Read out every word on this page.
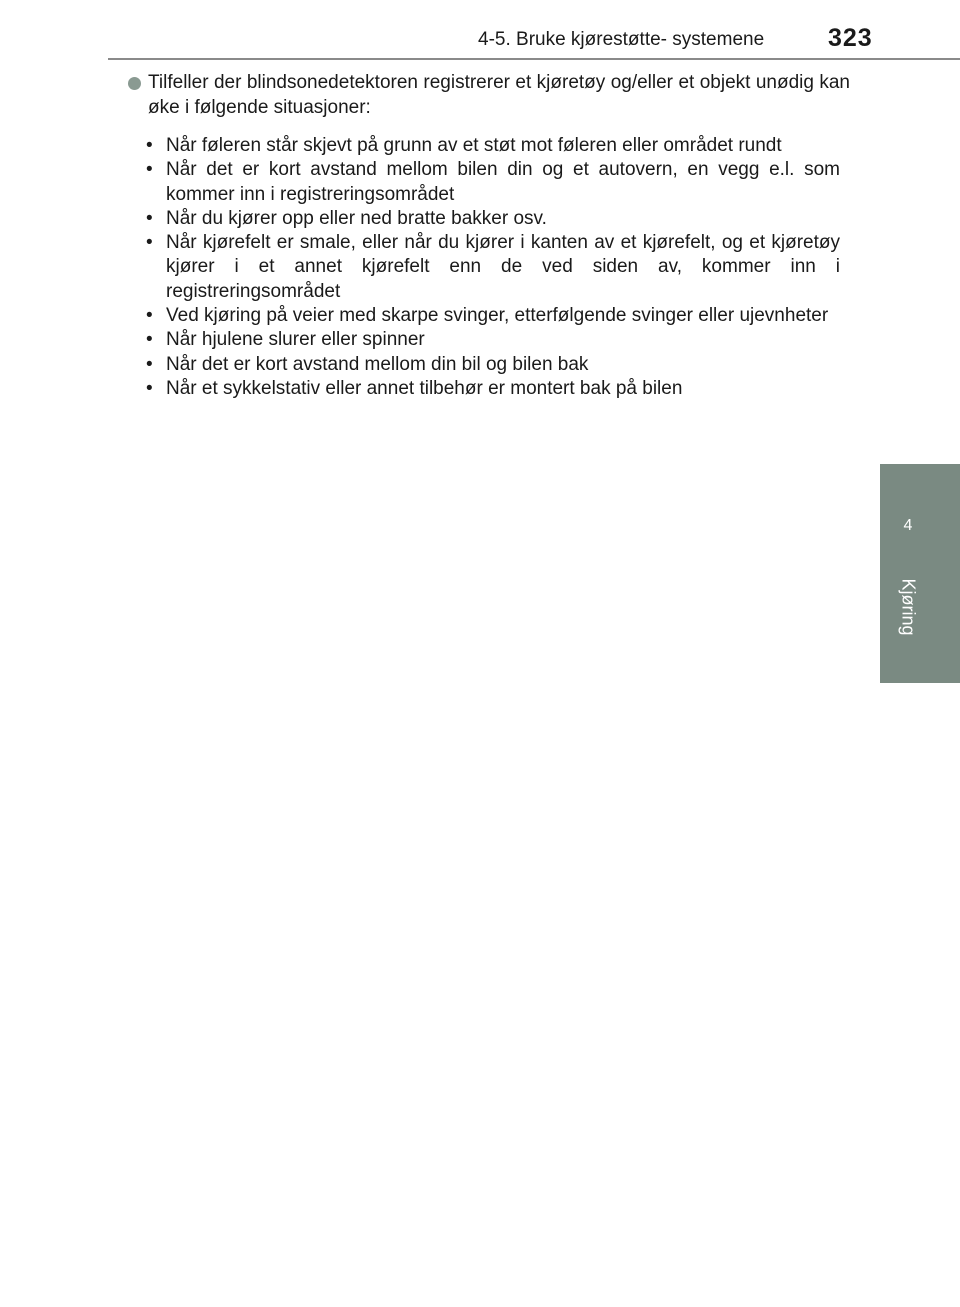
4-5. Bruke kjørestøtte- systemene	323
4
Kjøring

Tilfeller der blindsonedetektoren registrerer et kjøretøy og/eller et objekt unødig kan øke i følgende situasjoner:

• Når føleren står skjevt på grunn av et støt mot føleren eller området rundt
• Når det er kort avstand mellom bilen din og et autovern, en vegg e.l. som kommer inn i registreringsområdet
• Når du kjører opp eller ned bratte bakker osv.
• Når kjørefelt er smale, eller når du kjører i kanten av et kjørefelt, og et kjøretøy kjører i et annet kjørefelt enn de ved siden av, kommer inn i registreringsområdet
• Ved kjøring på veier med skarpe svinger, etterfølgende svinger eller ujevnheter
• Når hjulene slurer eller spinner
• Når det er kort avstand mellom din bil og bilen bak
• Når et sykkelstativ eller annet tilbehør er montert bak på bilen
